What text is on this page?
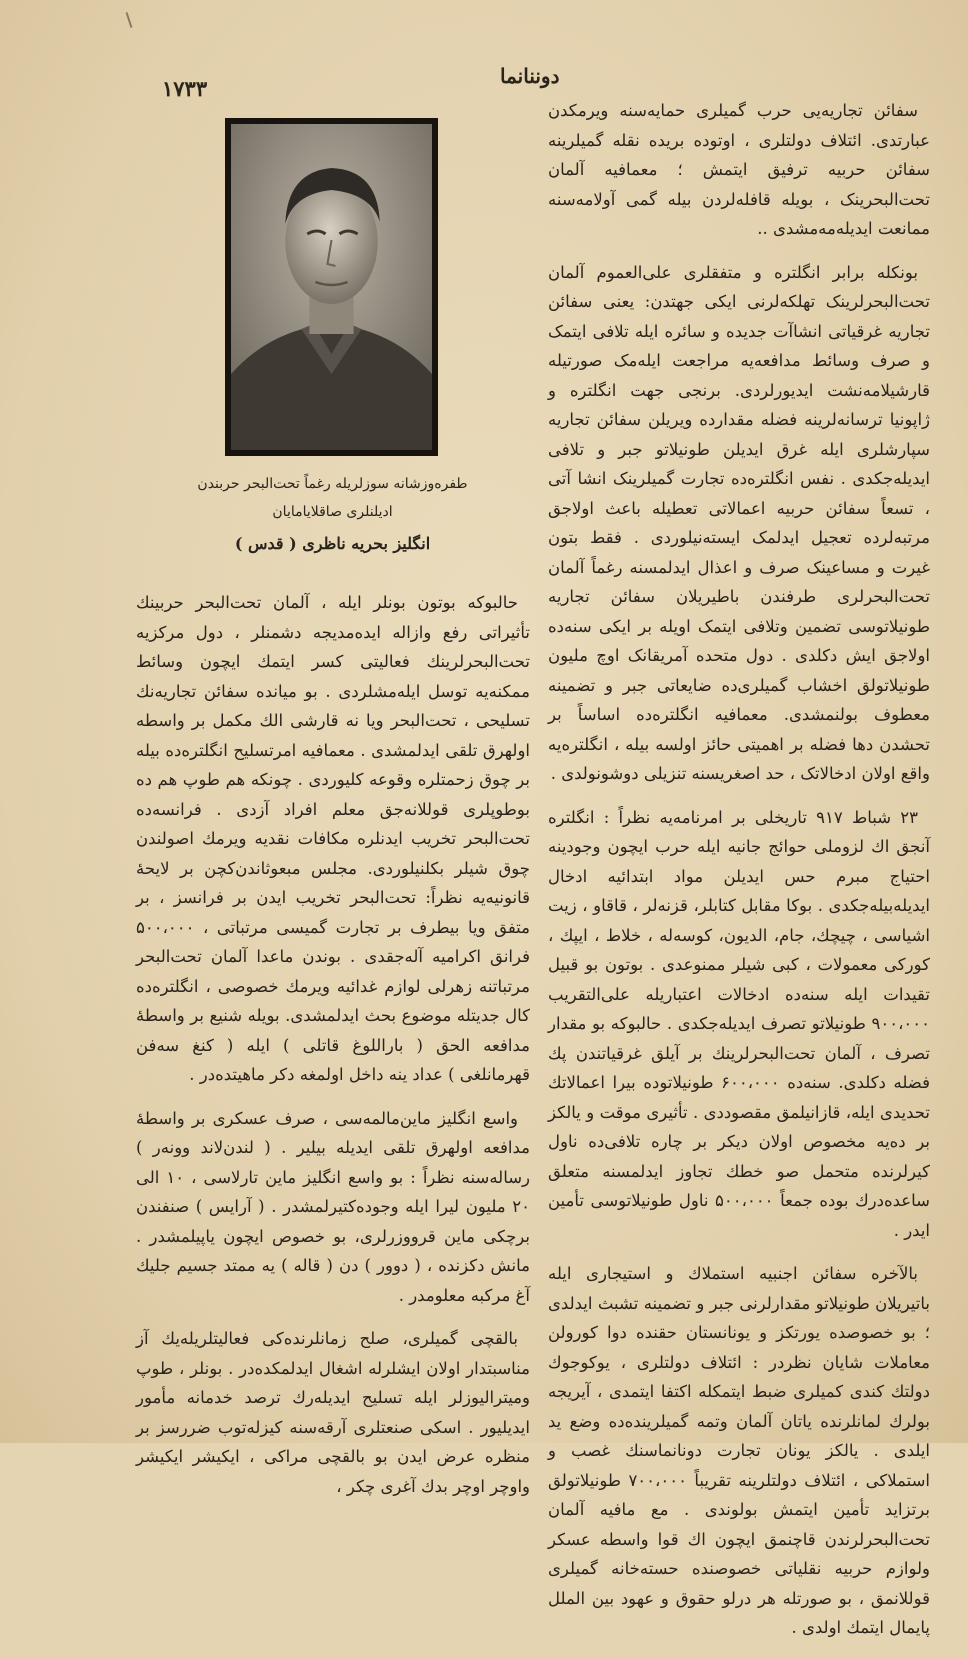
١٧٣٣	دوننانما

سفائن تجاریه‌یی حرب گمیلری حمایه‌سنه ویرمکدن عبارتدی. ائتلاف دولتلری ، اوتوده بریده نقله گمیلرینه سفائن حربیه ترفیق ایتمش ؛ معمافیه آلمان تحت‌البحرینک ، بویله قافله‌لردن بیله گمی آولامه‌سنه ممانعت ایدیله‌مه‌مشدی ..

بونکله برابر انگلتره و متفقلری علی‌العموم آلمان تحت‌البحرلرینک تهلکه‌لرنی ایکی جهتدن: یعنی سفائن تجاریه غرقیاتی انشاآت جدیده و سائره ایله تلافی ایتمک و صرف وسائط مدافعه‌یه مراجعت ایله‌مک صورتیله قارشیلامه‌نشت ایدیورلردی. برنجی جهت انگلتره و ژاپونیا ترسانه‌لرینه فضله مقدارده ویریلن سفائن تجاریه سپارشلری ایله غرق ایدیلن طونیلاتو جبر و تلافی ایدیله‌جکدی . نفس انگلتره‌ده تجارت گمیلرینک انشا آتی ، تسعاً سفائن حربیه اعمالاتی تعطیله باعث اولاجق مرتبه‌لرده تعجیل ایدلمک ایسته‌نیلوردی . فقط بتون غیرت و مساعینک صرف و اعذال ایدلمسنه رغماً آلمان تحت‌البحرلری طرفندن باطیریلان سفائن تجاریه طونیلاتوسی تضمین وتلافی ایتمک اویله بر ایکی سنه‌ده اولاجق ایش دکلدی . دول متحده آمریقانک اوچ ملیون طونیلاتولق اخشاب گمیلری‌ده ضایعاتی جبر و تضمینه معطوف بولنمشدی. معمافیه انگلتره‌ده اساساً بر تحشدن دها فضله بر اهمیتی حائز اولسه بیله ، انگلتره‌یه واقع اولان ادخالاتک ، حد اصغریسنه تنزیلی دوشونولدی .

۲۳ شباط ۹۱۷ تاریخلی بر امرنامه‌یه نظراً : انگلتره آنجق اك لزوملی حوائج جانیه ایله حرب ایچون وجودینه احتیاج مبرم حس ایدیلن مواد ابتدائیه ادخال ایدیله‌بیله‌جکدی . بوکا مقابل کتابلر، قزنه‌لر ، قاقاو ، زیت اشیاسی ، چیچك، جام، الدیون، کوسه‌له ، خلاط ، ایپك ، کورکی معمولات ، کبی شیلر ممنوعدی . بوتون بو قبیل تقیدات ایله سنه‌ده ادخالات اعتباریله علی‌التقریب ۹۰۰،۰۰۰ طونیلاتو تصرف ایدیله‌جکدی . حالبوکه بو مقدار تصرف ، آلمان تحت‌البحرلرینك بر آیلق غرقیاتندن پك فضله دکلدی. سنه‌ده ۶۰۰،۰۰۰ طونیلاتوده بیرا اعمالاتك تحدیدی ایله، قازانیلمق مقصوددی . تأثیری موقت و یالکز بر ده‌یه مخصوص اولان دیکر بر چاره تلافی‌ده ناول کیرلرنده متحمل صو خطك تجاوز ایدلمسنه متعلق ساعده‌درك بوده جمعاً ۵۰۰،۰۰۰ ناول طونیلاتوسی تأمین ایدر .

بالآخره سفائن اجنبیه استملاك و استیجاری ایله باتیریلان طونیلاتو مقدارلرنی جبر و تضمینه تشبث ایدلدی ؛ بو خصوصده یورتکز و یونانستان حقنده دوا کورولن معاملات شایان نظردر : ائتلاف دولتلری ، یوکوجوك دولتك کندی کمیلری ضبط ایتمکله اکتفا ایتمدی ، آیریجه بولرك لمانلرنده یاتان آلمان وتمه گمیلرینده‌ده وضع ید ایلدی . یالکز یونان تجارت دونانماسنك غصب و استملاکی ، ائتلاف دولتلرینه تقریباً ۷۰۰،۰۰۰ طونیلاتولق برتزاید تأمین ایتمش بولوندی . مع مافیه آلمان تحت‌البحرلرندن قاچنمق ایچون اك قوا واسطه عسکر ولوازم حربیه نقلیاتی خصوصنده حسته‌خانه گمیلری قوللانمق ، بو صورتله هر درلو حقوق و عهود بین الملل پایمال ایتمك اولدی .

طفره‌وزشانه سوزلریله رغماً تحت‌البحر حربندن
ادیلنلری صاقلایامایان
انگلیز بحریه ناظری ( قدس )

حالبوکه بوتون بونلر ایله ، آلمان تحت‌البحر حربینك تأثیراتی رفع وازاله ایده‌مدیجه دشمنلر ، دول مرکزیه تحت‌البحرلرینك فعالیتی کسر ایتمك ایچون وسائط ممکنه‌یه توسل ایله‌مشلردی . بو میانده سفائن تجاریه‌نك تسلیحی ، تحت‌البحر ویا نه قارشی الك مکمل بر واسطه اولهرق تلقی ایدلمشدی . معمافیه امرتسلیح انگلتره‌ده بیله بر چوق زحمتلره وقوعه کلیوردی . چونکه هم طوپ هم ده بوطوپلری قوللانه‌جق معلم افراد آزدی . فرانسه‌ده تحت‌البحر تخریب ایدنلره مکافات نقدیه ویرمك اصولندن چوق شیلر بکلنیلوردی. مجلس مبعوثاندن‌کچن بر لایحهٔ قانونیه‌یه نظراً: تحت‌البحر تخریب ایدن بر فرانسز ، بر متفق ویا بیطرف بر تجارت گمیسی مرتباتی ، ۵۰۰،۰۰۰ فرانق اکرامیه آله‌جقدی . بوندن ماعدا آلمان تحت‌البحر مرتباتنه زهرلی لوازم غدائیه ویرمك خصوصی ، انگلتره‌ده کال جدیتله موضوع بحث ایدلمشدی. بویله شنیع بر واسطهٔ مدافعه الحق ( باراللوغ قاتلی ) ایله ( کنغ سه‌فن قهرمانلغی ) عداد ینه داخل اولمغه دکر ماهیتده‌در .

واسع انگلیز ماین‌مالمه‌سی ، صرف عسکری بر واسطهٔ مدافعه اولهرق تلقی ایدیله بیلیر . ( لندن‌لاند وونه‌ر ) رساله‌سنه نظراً : بو واسع انگلیز ماین تارلاسی ، ۱۰ الی ۲۰ ملیون لیرا ایله وجوده‌کتیرلمشدر . ( آرایس ) صنفندن برچکی ماین قرووزرلری، بو خصوص ایچون یاپیلمشدر . مانش دکزنده ، ( دوور ) دن ( قاله ) یه ممتد جسیم جلیك آغ مرکبه معلومدر .

بالقچی گمیلری، صلح زمانلرنده‌کی فعالیتلریله‌یك آز مناسبتدار اولان ایشلرله اشغال ایدلمکده‌در . بونلر ، طوپ ومیترالیوزلر ایله تسلیح ایدیله‌رك ترصد خدمانه مأمور ایدیلیور . اسکی صنعتلری آرقه‌سنه کیزله‌توب ضررسز بر منظره عرض ایدن بو بالقچی مراکی ، ایکیشر ایکیشر واوچر اوچر بدك آغری چکر ،
